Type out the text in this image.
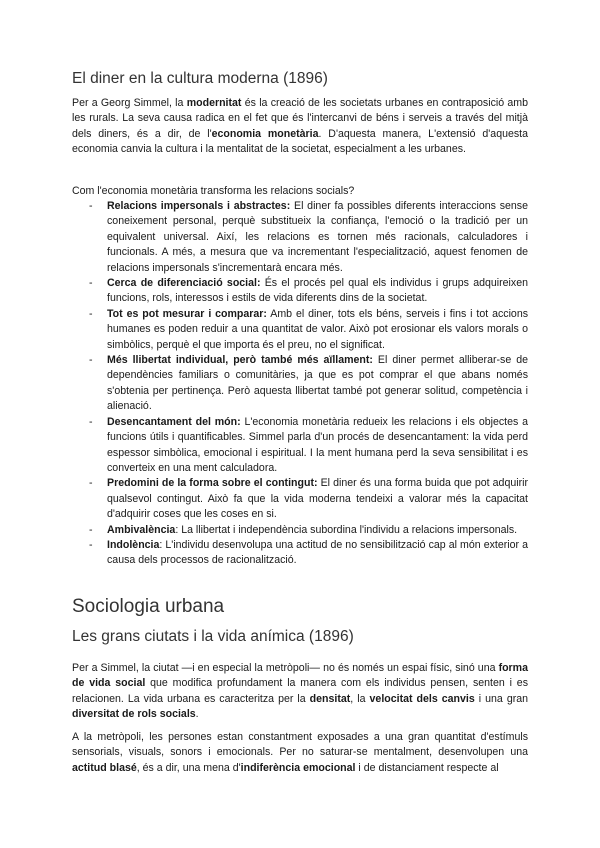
El diner en la cultura moderna (1896)

Per a Georg Simmel, la modernitat és la creació de les societats urbanes en contraposició amb les rurals. La seva causa radica en el fet que és l'intercanvi de béns i serveis a través del mitjà dels diners, és a dir, de l'economia monetària. D'aquesta manera, L'extensió d'aquesta economia canvia la cultura i la mentalitat de la societat, especialment a les urbanes.

Com l'economia monetària transforma les relacions socials?

- Relacions impersonals i abstractes: El diner fa possibles diferents interaccions sense coneixement personal, perquè substitueix la confiança, l'emoció o la tradició per un equivalent universal. Així, les relacions es tornen més racionals, calculadores i funcionals. A més, a mesura que va incrementant l'especialització, aquest fenomen de relacions impersonals s'incrementarà encara més.
- Cerca de diferenciació social: És el procés pel qual els individus i grups adquireixen funcions, rols, interessos i estils de vida diferents dins de la societat.
- Tot es pot mesurar i comparar: Amb el diner, tots els béns, serveis i fins i tot accions humanes es poden reduir a una quantitat de valor. Això pot erosionar els valors morals o simbòlics, perquè el que importa és el preu, no el significat.
- Més llibertat individual, però també més aïllament: El diner permet alliberar-se de dependències familiars o comunitàries, ja que es pot comprar el que abans només s'obtenia per pertinença. Però aquesta llibertat també pot generar solitud, competència i alienació.
- Desencantament del món: L'economia monetària redueix les relacions i els objectes a funcions útils i quantificables. Simmel parla d'un procés de desencantament: la vida perd espessor simbòlica, emocional i espiritual. I la ment humana perd la seva sensibilitat i es converteix en una ment calculadora.
- Predomini de la forma sobre el contingut: El diner és una forma buida que pot adquirir qualsevol contingut. Això fa que la vida moderna tendeixi a valorar més la capacitat d'adquirir coses que les coses en si.
- Ambivalència: La llibertat i independència subordina l'individu a relacions impersonals.
- Indolència: L'individu desenvolupa una actitud de no sensibilització cap al món exterior a causa dels processos de racionalització.
Sociologia urbana
Les grans ciutats i la vida anímica (1896)

Per a Simmel, la ciutat —i en especial la metròpoli— no és només un espai físic, sinó una forma de vida social que modifica profundament la manera com els individus pensen, senten i es relacionen. La vida urbana es caracteritza per la densitat, la velocitat dels canvis i una gran diversitat de rols socials.

A la metròpoli, les persones estan constantment exposades a una gran quantitat d'estímuls sensorials, visuals, sonors i emocionals. Per no saturar-se mentalment, desenvolupen una actitud blasé, és a dir, una mena d'indiferència emocional i de distanciament respecte al
